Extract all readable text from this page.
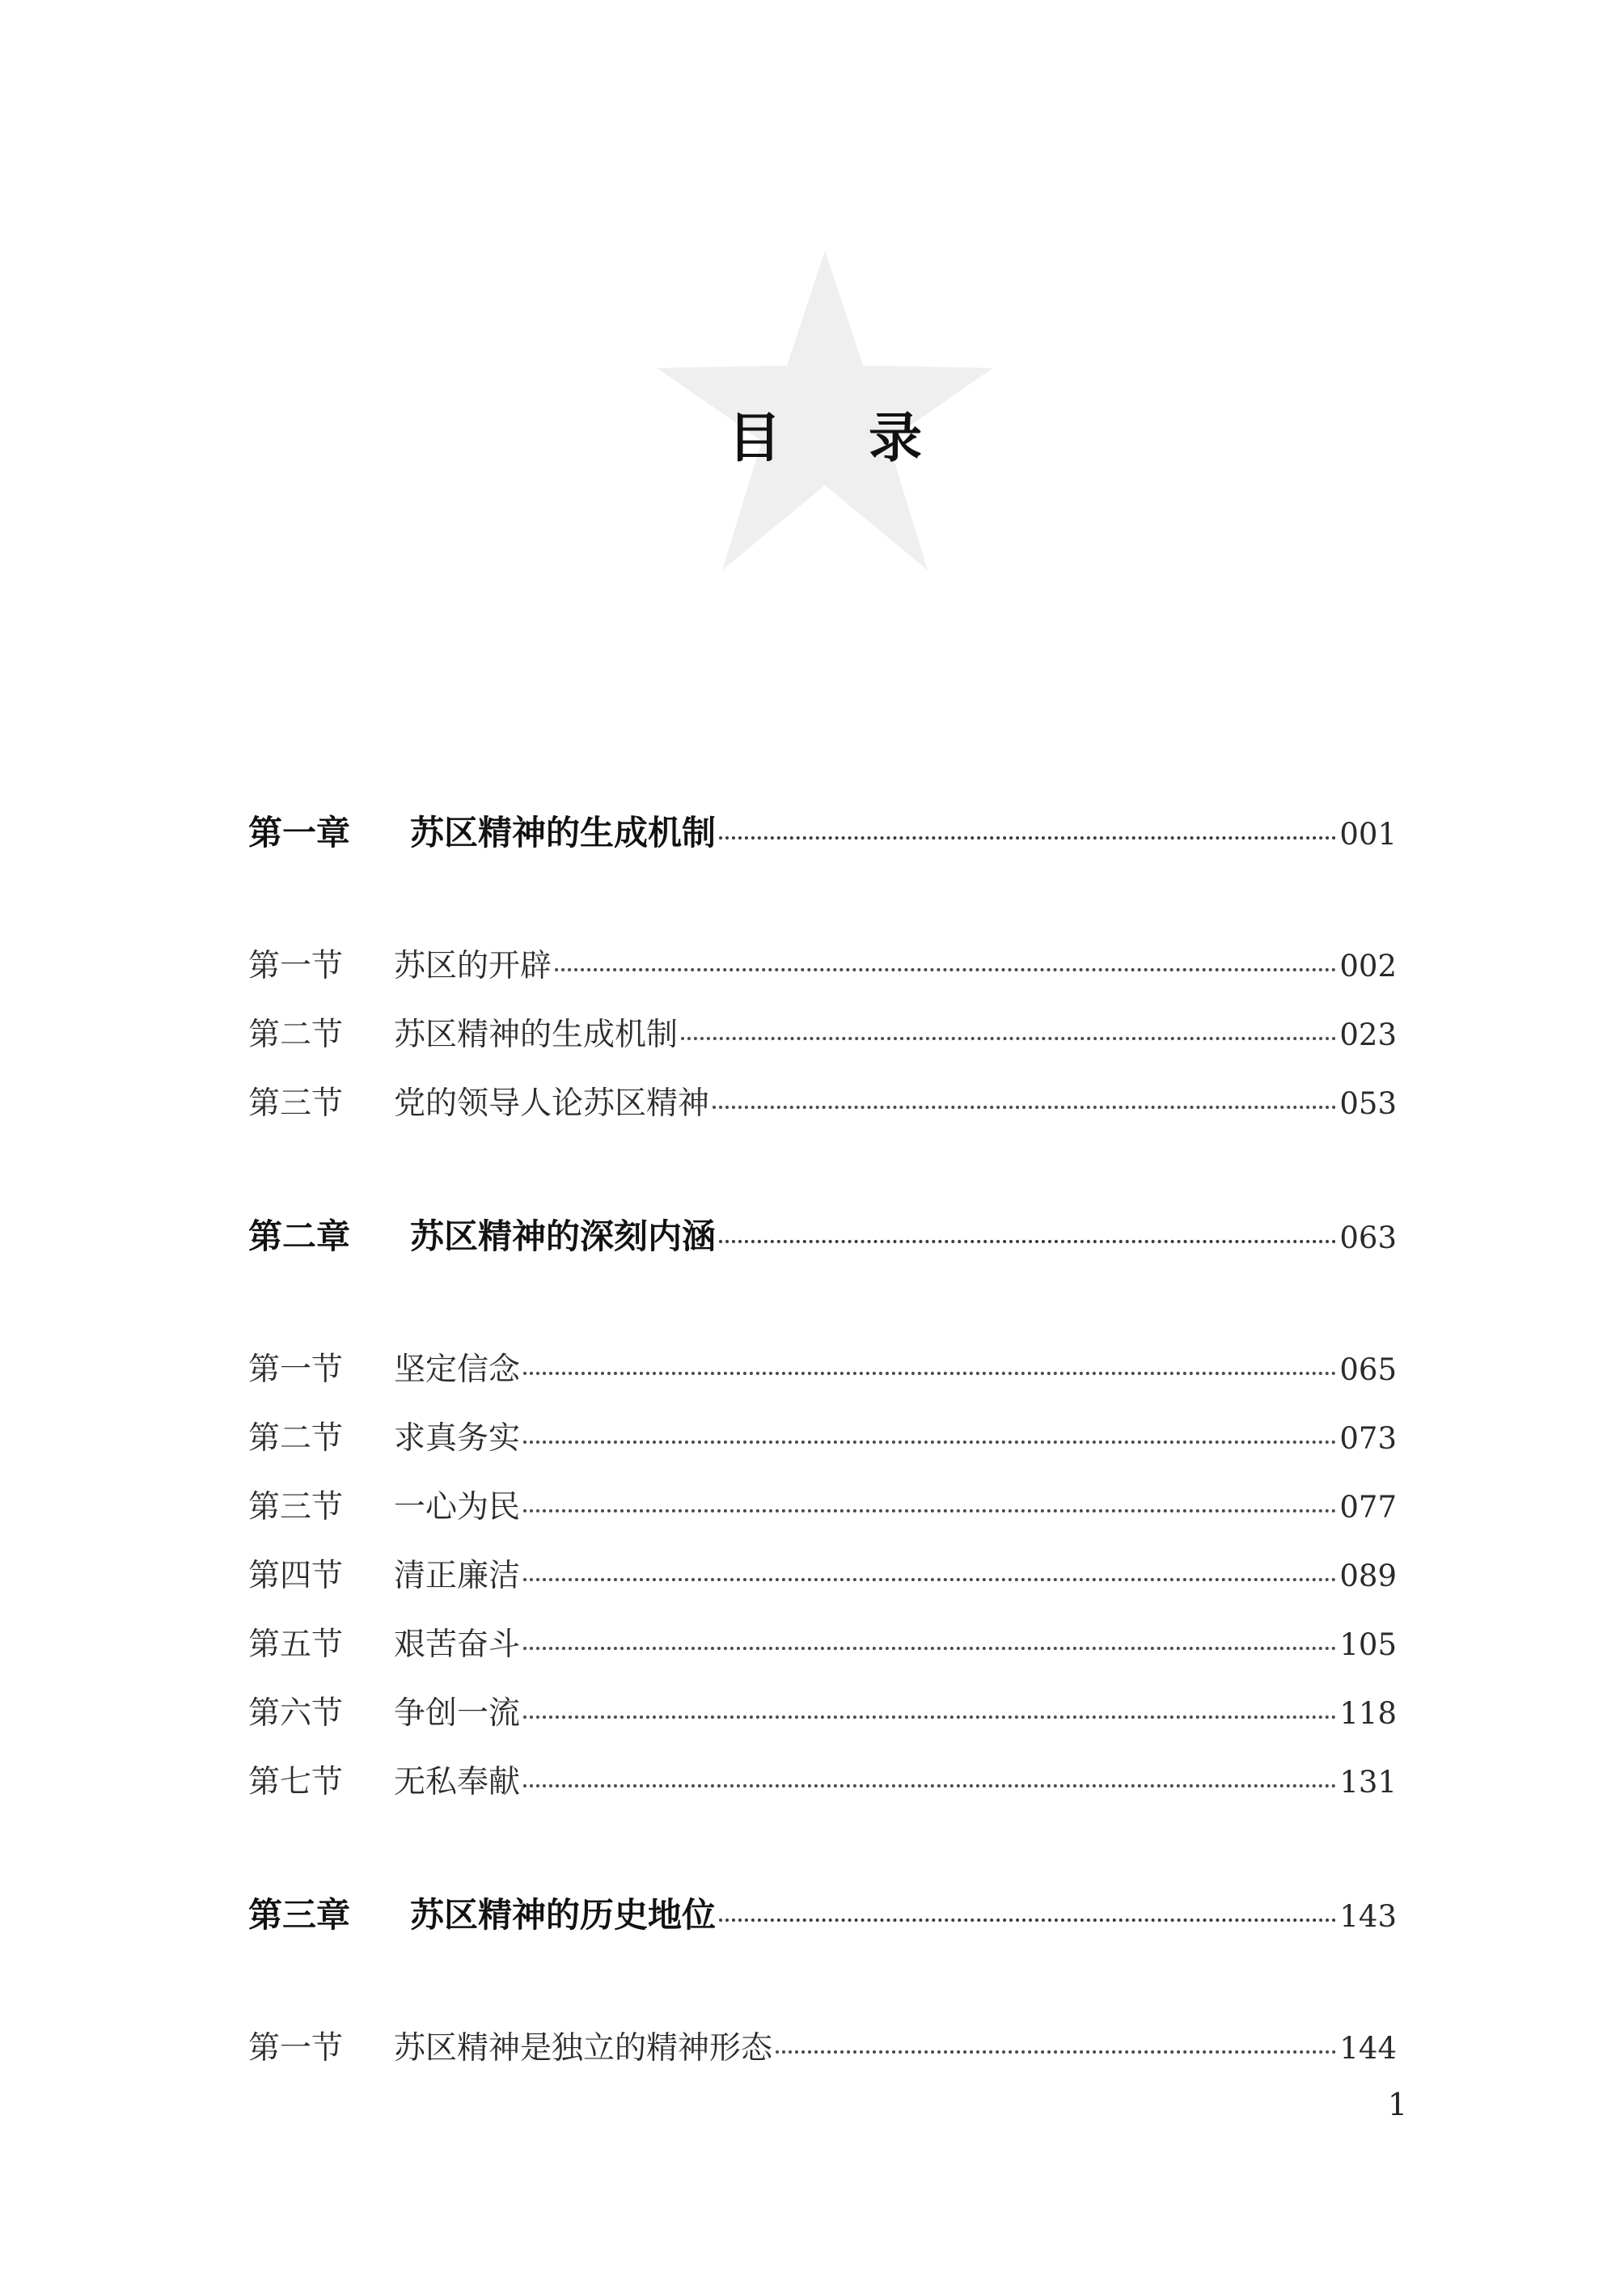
目 录
第一章	苏区精神的生成机制	001
第一节	苏区的开辟	002
第二节	苏区精神的生成机制	023
第三节	党的领导人论苏区精神	053
第二章	苏区精神的深刻内涵	063
第一节	坚定信念	065
第二节	求真务实	073
第三节	一心为民	077
第四节	清正廉洁	089
第五节	艰苦奋斗	105
第六节	争创一流	118
第七节	无私奉献	131
第三章	苏区精神的历史地位	143
第一节	苏区精神是独立的精神形态	144
1
